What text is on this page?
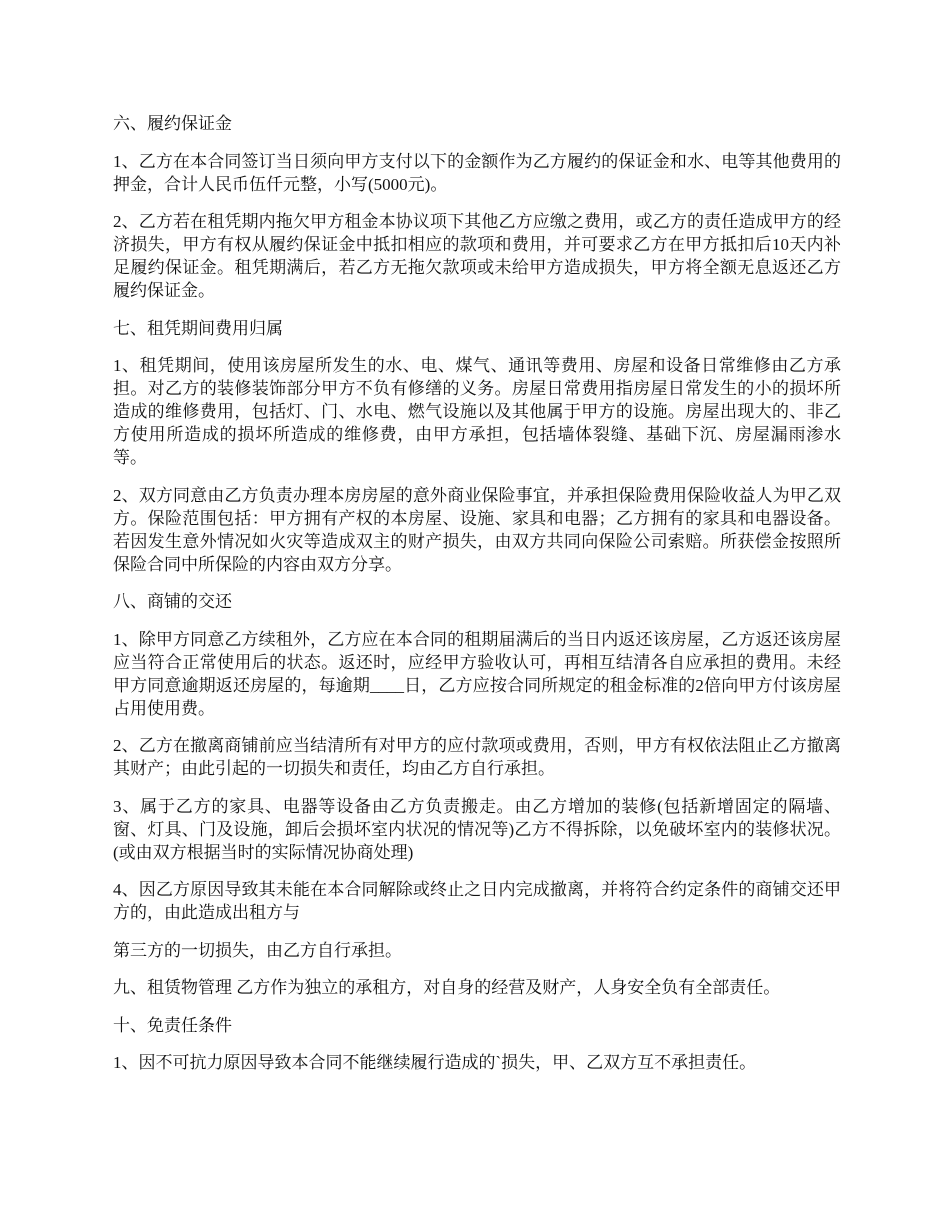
六、履约保证金

1、乙方在本合同签订当日须向甲方支付以下的金额作为乙方履约的保证金和水、电等其他费用的押金，合计人民币伍仟元整，小写(5000元)。

2、乙方若在租凭期内拖欠甲方租金本协议项下其他乙方应缴之费用，或乙方的责任造成甲方的经济损失，甲方有权从履约保证金中抵扣相应的款项和费用，并可要求乙方在甲方抵扣后10天内补足履约保证金。租凭期满后，若乙方无拖欠款项或未给甲方造成损失，甲方将全额无息返还乙方履约保证金。

七、租凭期间费用归属

1、租凭期间，使用该房屋所发生的水、电、煤气、通讯等费用、房屋和设备日常维修由乙方承担。对乙方的装修装饰部分甲方不负有修缮的义务。房屋日常费用指房屋日常发生的小的损坏所造成的维修费用，包括灯、门、水电、燃气设施以及其他属于甲方的设施。房屋出现大的、非乙方使用所造成的损坏所造成的维修费，由甲方承担，包括墙体裂缝、基础下沉、房屋漏雨渗水等。

2、双方同意由乙方负责办理本房房屋的意外商业保险事宜，并承担保险费用保险收益人为甲乙双方。保险范围包括：甲方拥有产权的本房屋、设施、家具和电器；乙方拥有的家具和电器设备。若因发生意外情况如火灾等造成双主的财产损失，由双方共同向保险公司索赔。所获偿金按照所保险合同中所保险的内容由双方分享。

八、商铺的交还

1、除甲方同意乙方续租外，乙方应在本合同的租期届满后的当日内返还该房屋，乙方返还该房屋应当符合正常使用后的状态。返还时，应经甲方验收认可，再相互结清各自应承担的费用。未经甲方同意逾期返还房屋的，每逾期____日，乙方应按合同所规定的租金标准的2倍向甲方付该房屋占用使用费。

2、乙方在撤离商铺前应当结清所有对甲方的应付款项或费用，否则，甲方有权依法阻止乙方撤离其财产；由此引起的一切损失和责任，均由乙方自行承担。

3、属于乙方的家具、电器等设备由乙方负责搬走。由乙方增加的装修(包括新增固定的隔墙、窗、灯具、门及设施，卸后会损坏室内状况的情况等)乙方不得拆除，以免破坏室内的装修状况。(或由双方根据当时的实际情况协商处理)

4、因乙方原因导致其未能在本合同解除或终止之日内完成撤离，并将符合约定条件的商铺交还甲方的，由此造成出租方与

第三方的一切损失，由乙方自行承担。

九、租赁物管理 乙方作为独立的承租方，对自身的经营及财产，人身安全负有全部责任。
十、免责任条件

1、因不可抗力原因导致本合同不能继续履行造成的`损失，甲、乙双方互不承担责任。
